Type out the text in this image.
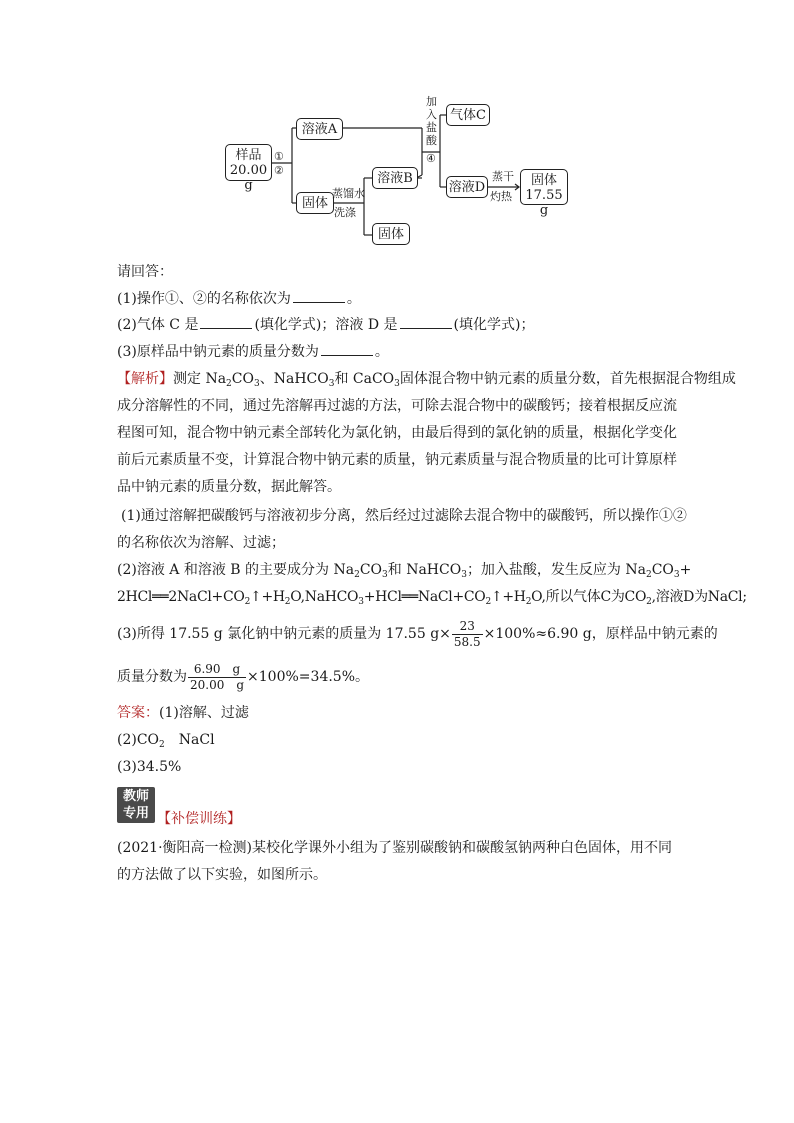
样品
20.00 g
①
②
溶液A
固体
蒸馏水
洗涤
溶液B
固体
加
入
盐
酸
④
气体C
溶液D
蒸干
灼热
固体
17.55 g
请回答：
(1)操作①、②的名称依次为	。
(2)气体 C 是	(填化学式)；溶液 D 是	(填化学式)；
(3)原样品中钠元素的质量分数为	。
【解析】测定 $Na_2CO_3$、NaHCO$_3$和 CaCO$_3$固体混合物中钠元素的质量分数，首先根据混合物组成
成分溶解性的不同，通过先溶解再过滤的方法，可除去混合物中的碳酸钙；接着根据反应流
程图可知，混合物中钠元素全部转化为氯化钠，由最后得到的氯化钠的质量，根据化学变化
前后元素质量不变，计算混合物中钠元素的质量，钠元素质量与混合物质量的比可计算原样
品中钠元素的质量分数，据此解答。
(1)通过溶解把碳酸钙与溶液初步分离，然后经过过滤除去混合物中的碳酸钙，所以操作①②
的名称依次为溶解、过滤；
(2)溶液 A 和溶液 B 的主要成分为 $Na_2CO_3$和 NaHCO$_3$；加入盐酸，发生反应为 $Na_2CO_3+$
$2HCl══2NaCl+CO_2↑+H_2O,NaHCO_3+HCl══NaCl+CO_2↑+H_2O$,所以气体C为$CO_2$,溶液D为NaCl;
(3)所得 17.55 g 氯化钠中钠元素的质量为 17.55 $g\times \frac{23}{58.5} \times 100\%\approx 6.90$ g，原样品中钠元素的
质量分数为 $\frac{6.90 g}{20.00 g} \times 100\%=34.5\%$。
答案：(1)溶解、过滤
$(2)CO_2$　NaCl
(3)34.5%
教师
专用 【补偿训练】
(2021·衡阳高一检测)某校化学课外小组为了鉴别碳酸钠和碳酸氢钠两种白色固体，用不同
的方法做了以下实验，如图所示。
